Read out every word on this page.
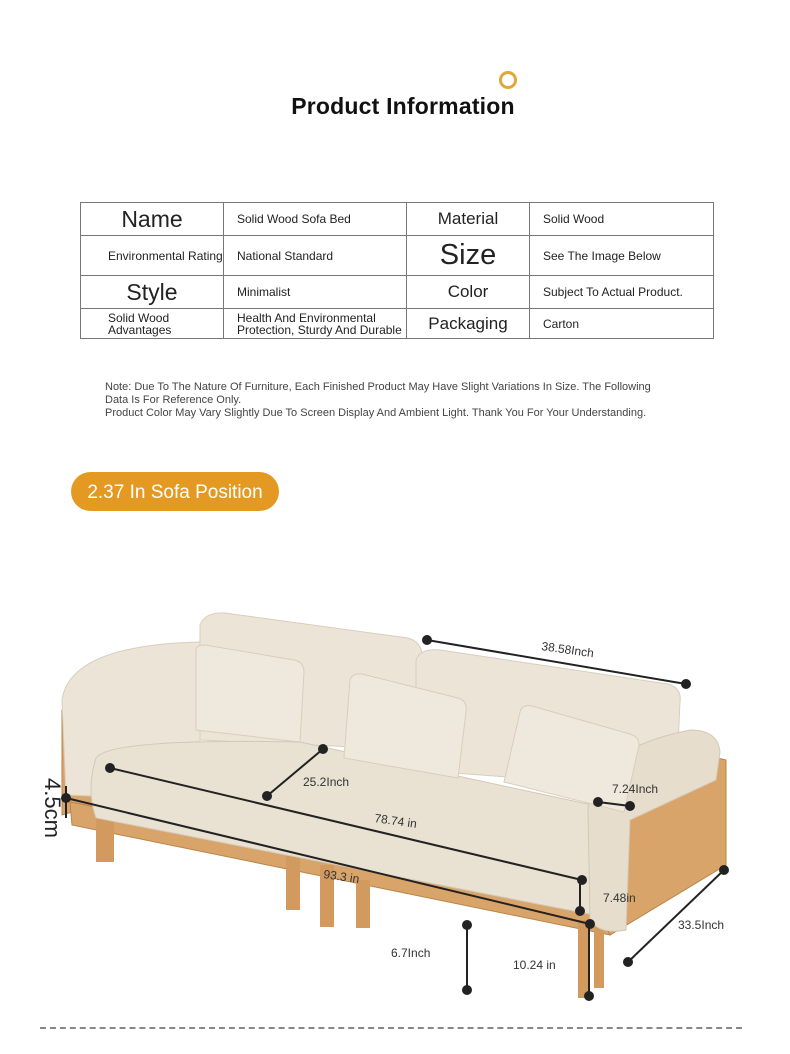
Product Information
Name	Solid Wood Sofa Bed	Material	Solid Wood
Environmental Rating	National Standard	Size	See The Image Below
Style	Minimalist	Color	Subject To Actual Product.
Solid Wood Advantages	Health And Environmental Protection, Sturdy And Durable	Packaging	Carton

Note: Due To The Nature Of Furniture, Each Finished Product May Have Slight Variations In Size. The Following Data Is For Reference Only.

Product Color May Vary Slightly Due To Screen Display And Ambient Light. Thank You For Your Understanding.

2.37 In Sofa Position
38.58Inch
25.2Inch
78.74 in
93.3 in
7.24Inch
7.48in
33.5Inch
6.7Inch
10.24 in
4.5cm
